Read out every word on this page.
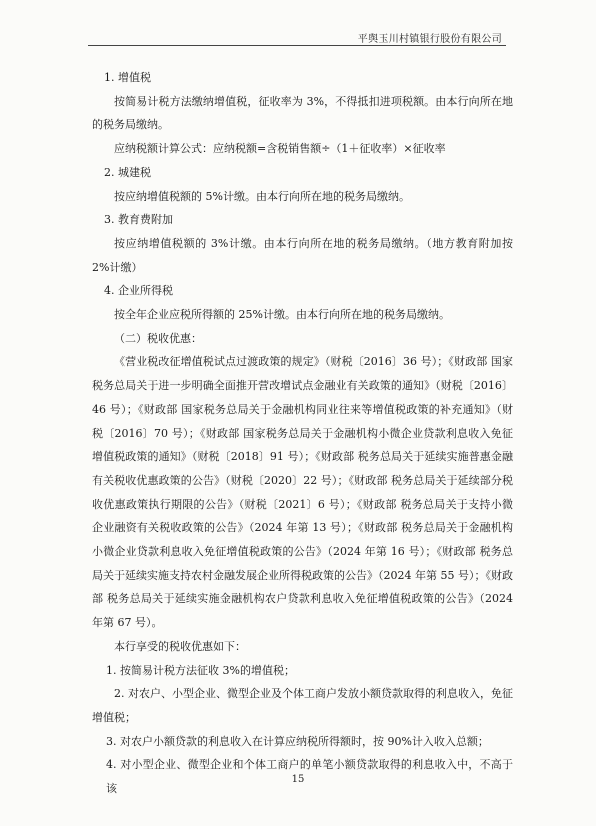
平舆玉川村镇银行股份有限公司

1. 增值税

按简易计税方法缴纳增值税，征收率为 3%，不得抵扣进项税额。由本行向所在地的税务局缴纳。

应纳税额计算公式：应纳税额=含税销售额÷（1＋征收率）×征收率

2. 城建税

按应纳增值税额的 5%计缴。由本行向所在地的税务局缴纳。

3. 教育费附加

按应纳增值税额的 3%计缴。由本行向所在地的税务局缴纳。（地方教育附加按 2%计缴）

4. 企业所得税

按全年企业应税所得额的 25%计缴。由本行向所在地的税务局缴纳。

（二）税收优惠：

《营业税改征增值税试点过渡政策的规定》（财税〔2016〕36 号）；《财政部 国家税务总局关于进一步明确全面推开营改增试点金融业有关政策的通知》（财税〔2016〕46 号）；《财政部 国家税务总局关于金融机构同业往来等增值税政策的补充通知》（财税〔2016〕70 号）；《财政部 国家税务总局关于金融机构小微企业贷款利息收入免征增值税政策的通知》（财税〔2018〕91 号）；《财政部 税务总局关于延续实施普惠金融有关税收优惠政策的公告》（财税〔2020〕22 号）；《财政部 税务总局关于延续部分税收优惠政策执行期限的公告》（财税〔2021〕6 号）；《财政部 税务总局关于支持小微企业融资有关税收政策的公告》（2024 年第 13 号）；《财政部 税务总局关于金融机构小微企业贷款利息收入免征增值税政策的公告》（2024 年第 16 号）；《财政部 税务总局关于延续实施支持农村金融发展企业所得税政策的公告》（2024 年第 55 号）；《财政部 税务总局关于延续实施金融机构农户贷款利息收入免征增值税政策的公告》（2024 年第 67 号）。

本行享受的税收优惠如下：

1. 按简易计税方法征收 3%的增值税；

2. 对农户、小型企业、微型企业及个体工商户发放小额贷款取得的利息收入，免征增值税；

3. 对农户小额贷款的利息收入在计算应纳税所得额时，按 90%计入收入总额；

4. 对小型企业、微型企业和个体工商户的单笔小额贷款取得的利息收入中，不高于该

15
